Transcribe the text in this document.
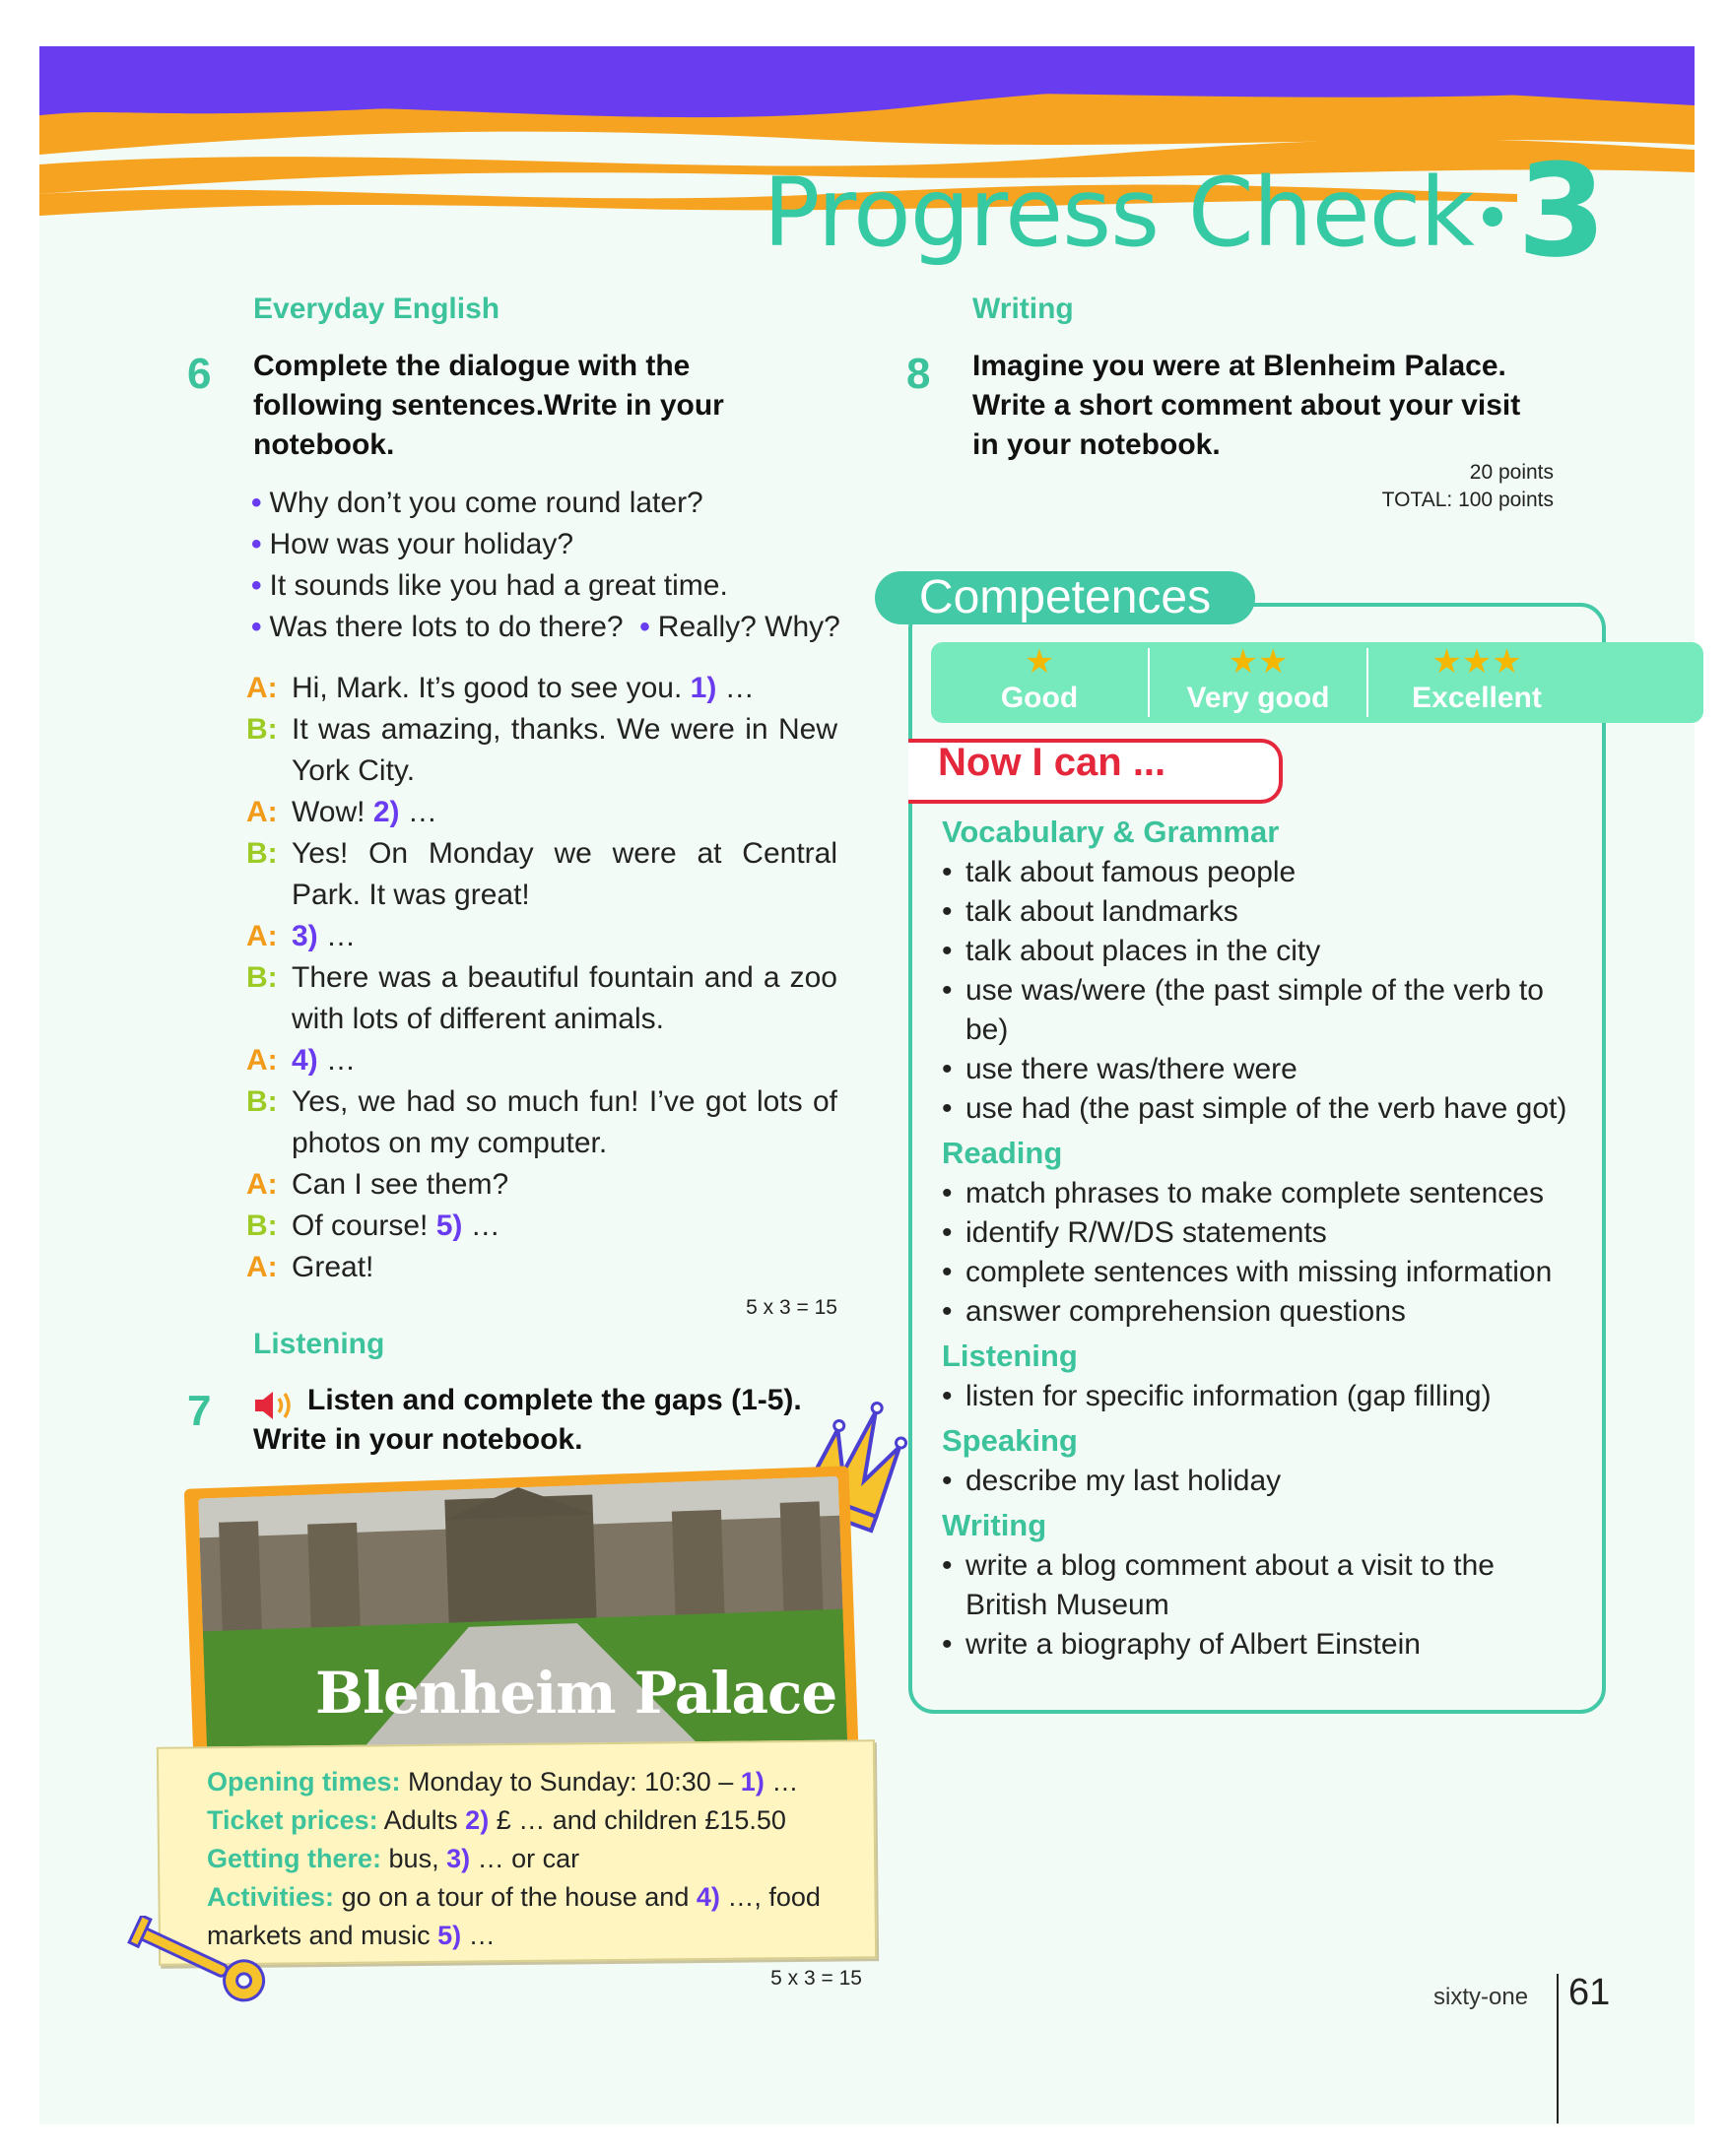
Progress Check 3
Everyday English
6 Complete the dialogue with the
following sentences.Write in your
notebook.
• Why don’t you come round later?
• How was your holiday?
• It sounds like you had a great time.
• Was there lots to do there? • Really? Why?
A: Hi, Mark. It’s good to see you. 1) …
B: It was amazing, thanks. We were in New York City.
A: Wow! 2) …
B: Yes! On Monday we were at Central Park. It was great!
A: 3) …
B: There was a beautiful fountain and a zoo with lots of different animals.
A: 4) …
B: Yes, we had so much fun! I’ve got lots of photos on my computer.
A: Can I see them?
B: Of course! 5) …
A: Great!
5 x 3 = 15
Listening
7	Listen and complete the gaps (1-5).
Write in your notebook.
Blenheim Palace
Opening times: Monday to Sunday: 10:30 – 1) …
Ticket prices: Adults 2) £ … and children £15.50
Getting there: bus, 3) … or car
Activities: go on a tour of the house and 4) …, food
markets and music 5) …
5 x 3 = 15
Writing
8 Imagine you were at Blenheim Palace.
Write a short comment about your visit
in your notebook.
20 points
TOTAL: 100 points
Competences
★
Good
★★
Very good
★★★
Excellent
Now I can ...
Vocabulary & Grammar
• talk about famous people
• talk about landmarks
• talk about places in the city
• use was/were (the past simple of the verb to be)
• use there was/there were
• use had (the past simple of the verb have got)
Reading
• match phrases to make complete sentences
• identify R/W/DS statements
• complete sentences with missing information
• answer comprehension questions
Listening
• listen for specific information (gap filling)
Speaking
• describe my last holiday
Writing
• write a blog comment about a visit to the British Museum
• write a biography of Albert Einstein
sixty-one 61
